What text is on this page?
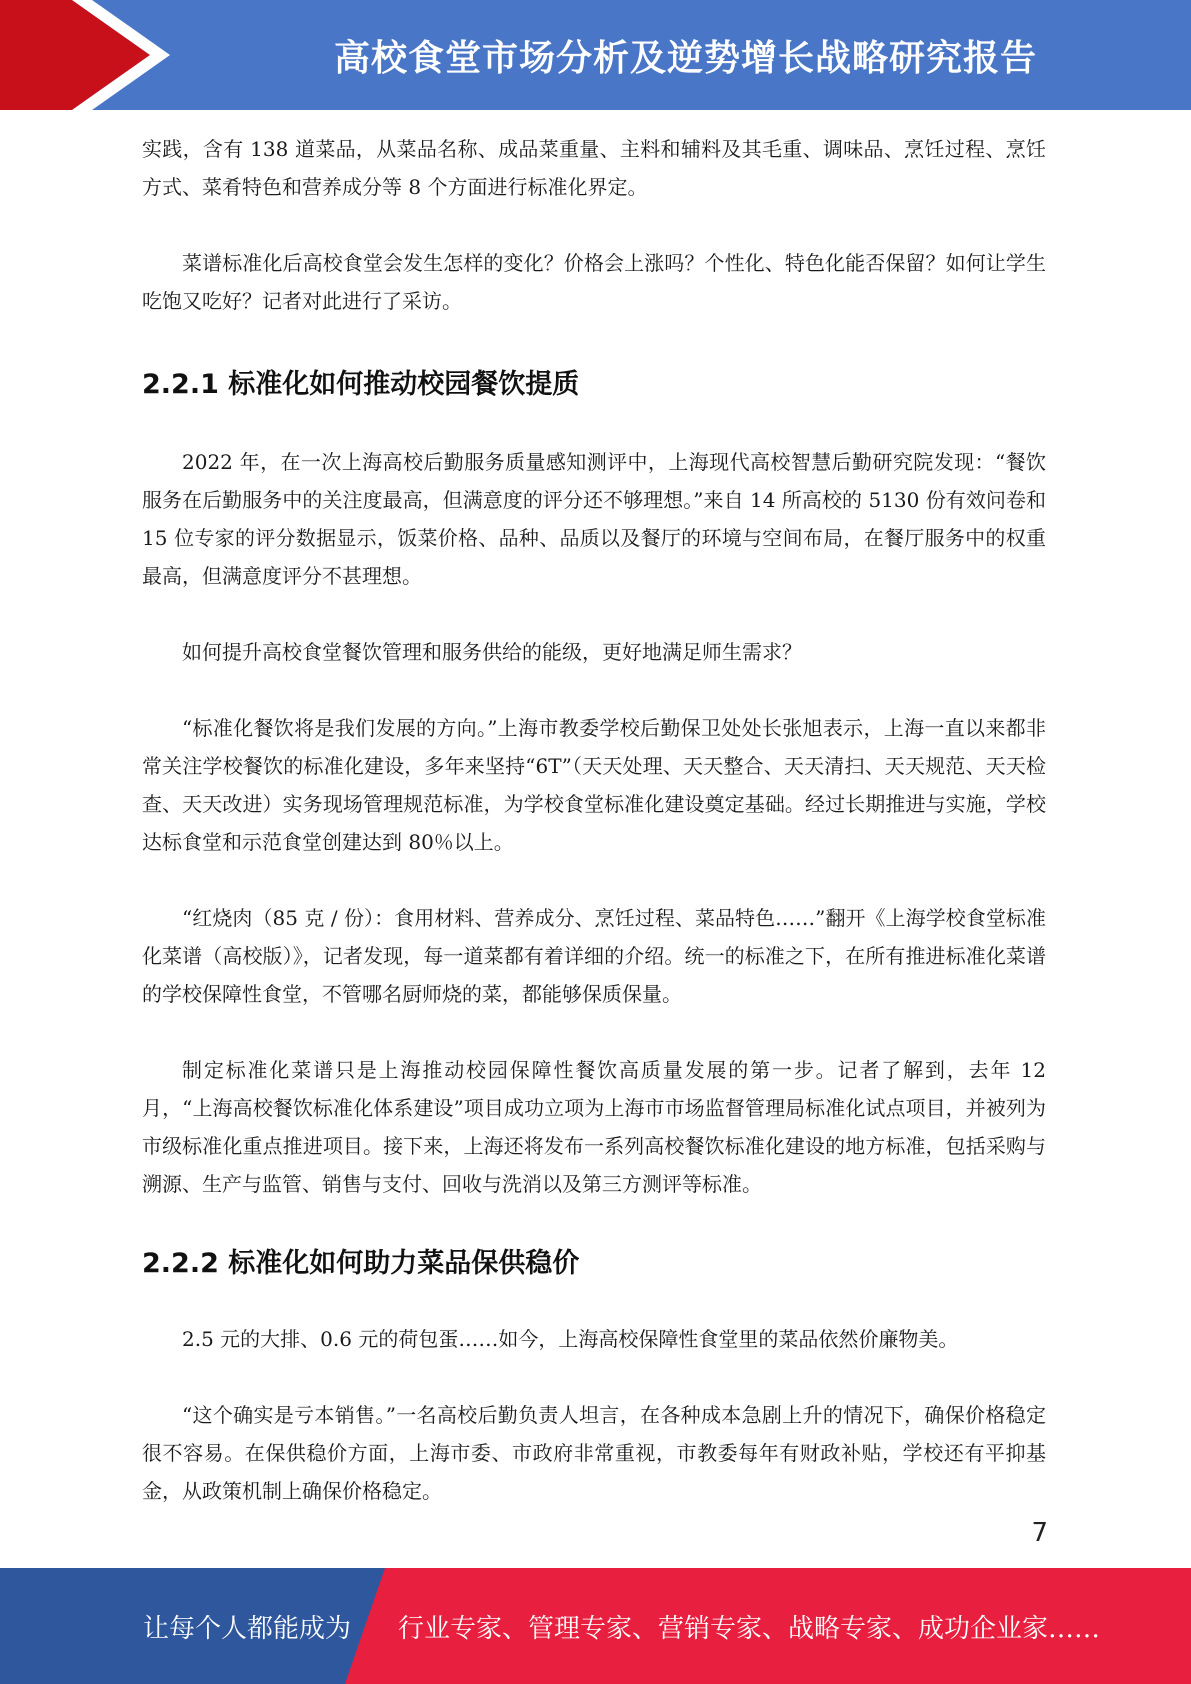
高校食堂市场分析及逆势增长战略研究报告

实践，含有 138 道菜品，从菜品名称、成品菜重量、主料和辅料及其毛重、调味品、烹饪过程、烹饪方式、菜肴特色和营养成分等 8 个方面进行标准化界定。

菜谱标准化后高校食堂会发生怎样的变化？价格会上涨吗？个性化、特色化能否保留？如何让学生吃饱又吃好？记者对此进行了采访。

2.2.1 标准化如何推动校园餐饮提质

2022 年，在一次上海高校后勤服务质量感知测评中，上海现代高校智慧后勤研究院发现：“餐饮服务在后勤服务中的关注度最高，但满意度的评分还不够理想。”来自 14 所高校的 5130 份有效问卷和 15 位专家的评分数据显示，饭菜价格、品种、品质以及餐厅的环境与空间布局，在餐厅服务中的权重最高，但满意度评分不甚理想。

如何提升高校食堂餐饮管理和服务供给的能级，更好地满足师生需求？

“标准化餐饮将是我们发展的方向。”上海市教委学校后勤保卫处处长张旭表示，上海一直以来都非常关注学校餐饮的标准化建设，多年来坚持“6T”（天天处理、天天整合、天天清扫、天天规范、天天检查、天天改进）实务现场管理规范标准，为学校食堂标准化建设奠定基础。经过长期推进与实施，学校达标食堂和示范食堂创建达到 80％以上。

“红烧肉（85 克 / 份）：食用材料、营养成分、烹饪过程、菜品特色……”翻开《上海学校食堂标准化菜谱（高校版）》，记者发现，每一道菜都有着详细的介绍。统一的标准之下，在所有推进标准化菜谱的学校保障性食堂，不管哪名厨师烧的菜，都能够保质保量。

制定标准化菜谱只是上海推动校园保障性餐饮高质量发展的第一步。记者了解到，去年 12 月，“上海高校餐饮标准化体系建设”项目成功立项为上海市市场监督管理局标准化试点项目，并被列为市级标准化重点推进项目。接下来，上海还将发布一系列高校餐饮标准化建设的地方标准，包括采购与溯源、生产与监管、销售与支付、回收与洗消以及第三方测评等标准。

2.2.2 标准化如何助力菜品保供稳价

2.5 元的大排、0.6 元的荷包蛋……如今，上海高校保障性食堂里的菜品依然价廉物美。

“这个确实是亏本销售。”一名高校后勤负责人坦言，在各种成本急剧上升的情况下，确保价格稳定很不容易。在保供稳价方面，上海市委、市政府非常重视，市教委每年有财政补贴，学校还有平抑基金，从政策机制上确保价格稳定。

7
让每个人都能成为 行业专家、管理专家、营销专家、战略专家、成功企业家……
